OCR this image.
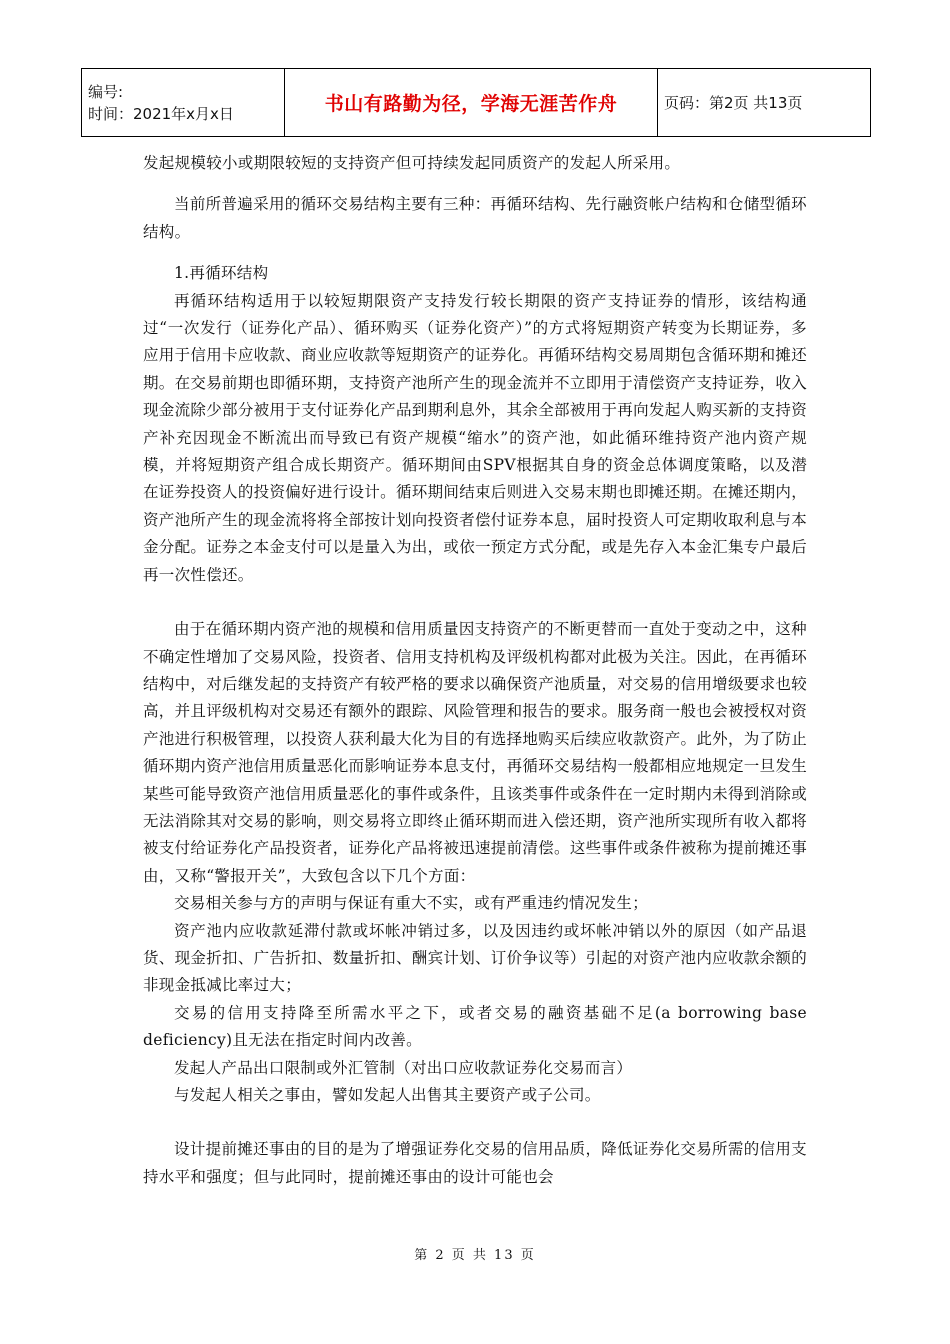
编号:
时间：2021年x月x日	书山有路勤为径，学海无涯苦作舟	页码：第2页 共13页

发起规模较小或期限较短的支持资产但可持续发起同质资产的发起人所采用。

当前所普遍采用的循环交易结构主要有三种：再循环结构、先行融资帐户结构和仓储型循环结构。

1.再循环结构

再循环结构适用于以较短期限资产支持发行较长期限的资产支持证券的情形，该结构通过“一次发行（证券化产品）、循环购买（证券化资产）”的方式将短期资产转变为长期证券，多应用于信用卡应收款、商业应收款等短期资产的证券化。再循环结构交易周期包含循环期和摊还期。在交易前期也即循环期，支持资产池所产生的现金流并不立即用于清偿资产支持证券，收入现金流除少部分被用于支付证券化产品到期利息外，其余全部被用于再向发起人购买新的支持资产补充因现金不断流出而导致已有资产规模“缩水”的资产池，如此循环维持资产池内资产规模，并将短期资产组合成长期资产。循环期间由SPV根据其自身的资金总体调度策略，以及潜在证券投资人的投资偏好进行设计。循环期间结束后则进入交易末期也即摊还期。在摊还期内，资产池所产生的现金流将将全部按计划向投资者偿付证券本息，届时投资人可定期收取利息与本金分配。证券之本金支付可以是量入为出，或依一预定方式分配，或是先存入本金汇集专户最后再一次性偿还。

由于在循环期内资产池的规模和信用质量因支持资产的不断更替而一直处于变动之中，这种不确定性增加了交易风险，投资者、信用支持机构及评级机构都对此极为关注。因此，在再循环结构中，对后继发起的支持资产有较严格的要求以确保资产池质量，对交易的信用增级要求也较高，并且评级机构对交易还有额外的跟踪、风险管理和报告的要求。服务商一般也会被授权对资产池进行积极管理，以投资人获利最大化为目的有选择地购买后续应收款资产。此外，为了防止循环期内资产池信用质量恶化而影响证券本息支付，再循环交易结构一般都相应地规定一旦发生某些可能导致资产池信用质量恶化的事件或条件，且该类事件或条件在一定时期内未得到消除或无法消除其对交易的影响，则交易将立即终止循环期而进入偿还期，资产池所实现所有收入都将被支付给证券化产品投资者，证券化产品将被迅速提前清偿。这些事件或条件被称为提前摊还事由，又称“警报开关”，大致包含以下几个方面：

交易相关参与方的声明与保证有重大不实，或有严重违约情况发生；

资产池内应收款延滞付款或坏帐冲销过多，以及因违约或坏帐冲销以外的原因（如产品退货、现金折扣、广告折扣、数量折扣、酬宾计划、订价争议等）引起的对资产池内应收款余额的非现金抵减比率过大；

交易的信用支持降至所需水平之下，或者交易的融资基础不足(a borrowing base deficiency)且无法在指定时间内改善。

发起人产品出口限制或外汇管制（对出口应收款证券化交易而言）

与发起人相关之事由，譬如发起人出售其主要资产或子公司。

设计提前摊还事由的目的是为了增强证券化交易的信用品质，降低证券化交易所需的信用支持水平和强度；但与此同时，提前摊还事由的设计可能也会

第 2 页 共 13 页
